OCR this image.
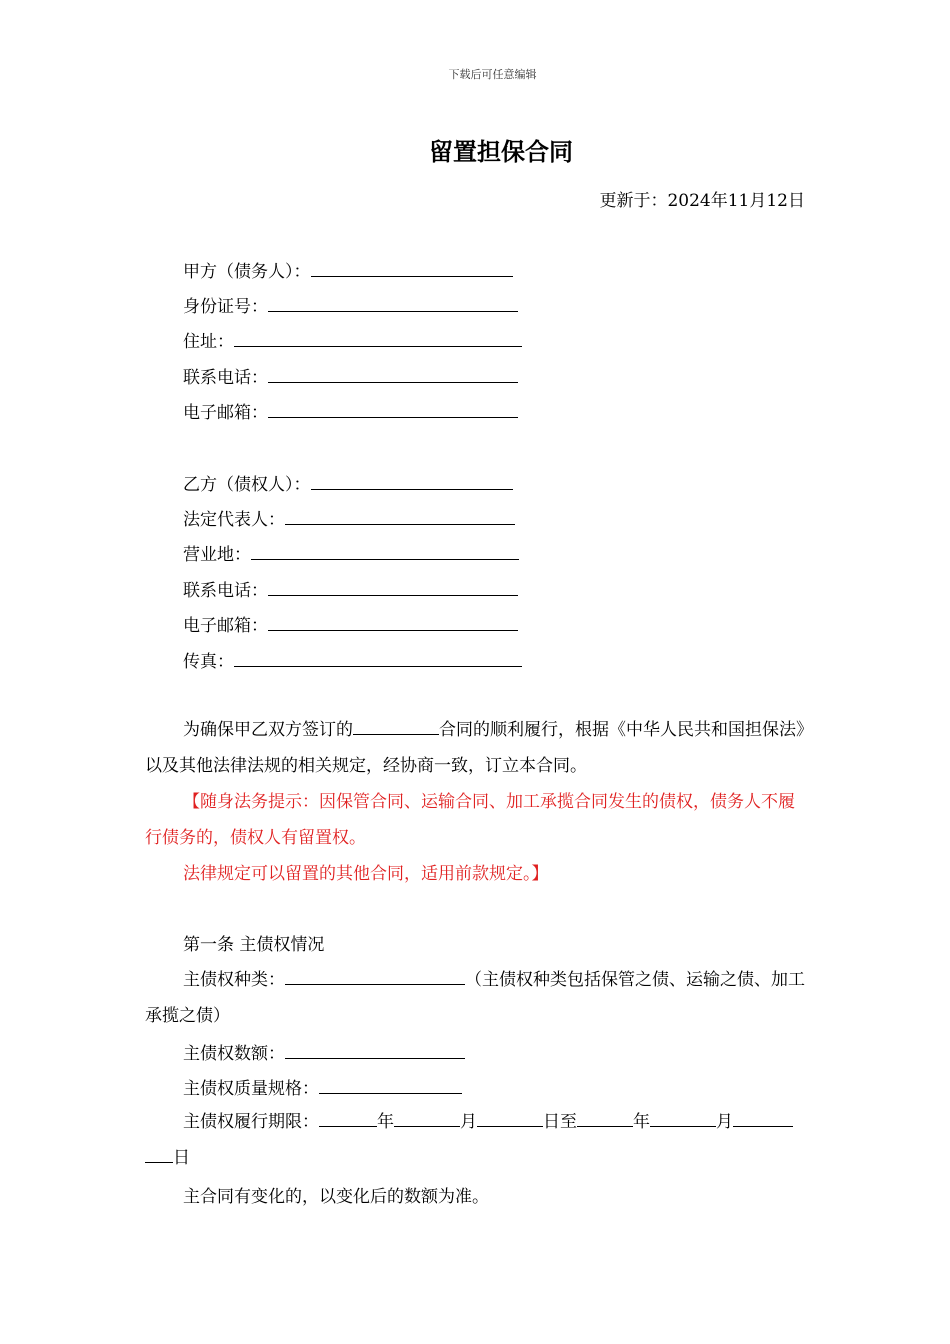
下载后可任意编辑
留置担保合同
更新于：2024年11月12日
甲方（债务人）：
身份证号：
住址：
联系电话：
电子邮箱：
乙方（债权人）：
法定代表人：
营业地：
联系电话：
电子邮箱：
传真：
为确保甲乙双方签订的	合同的顺利履行，根据《中华人民共和国担保法》以及其他法律法规的相关规定，经协商一致，订立本合同。
【随身法务提示：因保管合同、运输合同、加工承揽合同发生的债权，债务人不履行债务的，债权人有留置权。
法律规定可以留置的其他合同，适用前款规定。】
第一条 主债权情况
主债权种类：	（主债权种类包括保管之债、运输之债、加工承揽之债）
主债权数额：
主债权质量规格：
主债权履行期限：	年	月	日至	年	月日
主合同有变化的，以变化后的数额为准。
